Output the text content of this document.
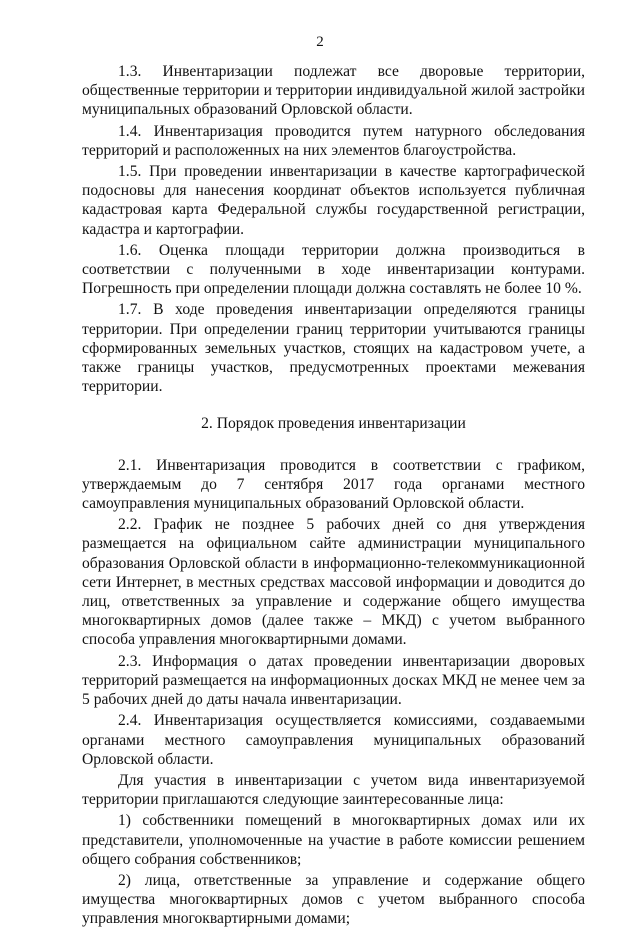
2

1.3. Инвентаризации подлежат все дворовые территории, общественные территории и территории индивидуальной жилой застройки муниципальных образований Орловской области.

1.4. Инвентаризация проводится путем натурного обследования территорий и расположенных на них элементов благоустройства.

1.5. При проведении инвентаризации в качестве картографической подосновы для нанесения координат объектов используется публичная кадастровая карта Федеральной службы государственной регистрации, кадастра и картографии.

1.6. Оценка площади территории должна производиться в соответствии с полученными в ходе инвентаризации контурами. Погрешность при определении площади должна составлять не более 10 %.

1.7. В ходе проведения инвентаризации определяются границы территории. При определении границ территории учитываются границы сформированных земельных участков, стоящих на кадастровом учете, а также границы участков, предусмотренных проектами межевания территории.

2. Порядок проведения инвентаризации

2.1. Инвентаризация проводится в соответствии с графиком, утверждаемым до 7 сентября 2017 года органами местного самоуправления муниципальных образований Орловской области.

2.2. График не позднее 5 рабочих дней со дня утверждения размещается на официальном сайте администрации муниципального образования Орловской области в информационно-телекоммуникационной сети Интернет, в местных средствах массовой информации и доводится до лиц, ответственных за управление и содержание общего имущества многоквартирных домов (далее также – МКД) с учетом выбранного способа управления многоквартирными домами.

2.3. Информация о датах проведении инвентаризации дворовых территорий размещается на информационных досках МКД не менее чем за 5 рабочих дней до даты начала инвентаризации.

2.4. Инвентаризация осуществляется комиссиями, создаваемыми органами местного самоуправления муниципальных образований Орловской области.

Для участия в инвентаризации с учетом вида инвентаризуемой территории приглашаются следующие заинтересованные лица:

1) собственники помещений в многоквартирных домах или их представители, уполномоченные на участие в работе комиссии решением общего собрания собственников;

2) лица, ответственные за управление и содержание общего имущества многоквартирных домов с учетом выбранного способа управления многоквартирными домами;
